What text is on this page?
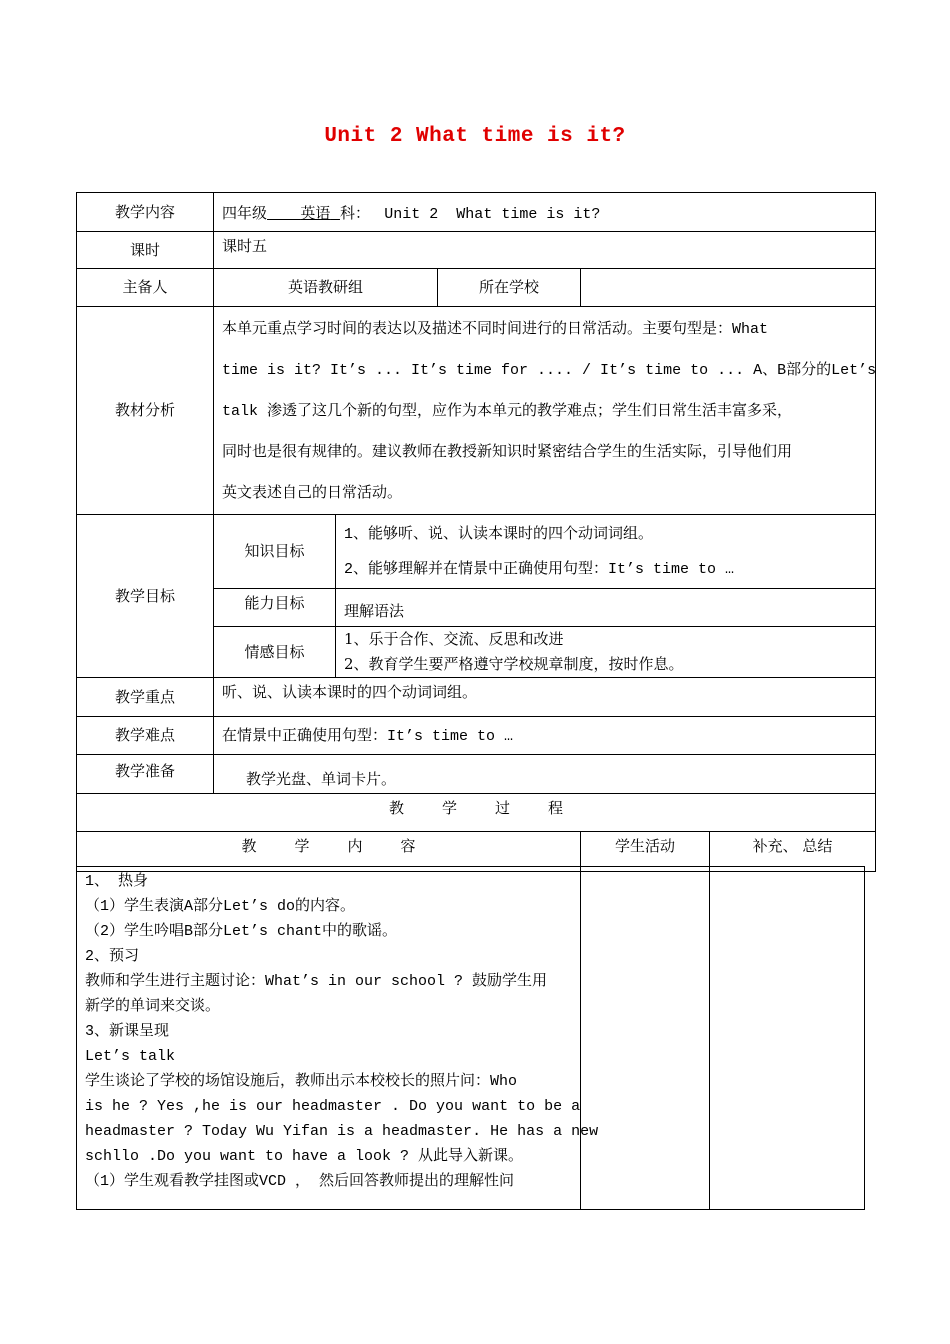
Unit 2 What time is it?
教学内容	四年级 英语 科： Unit 2  What time is it?
课时	课时五
主备人	英语教研组	所在学校	
教材分析	
本单元重点学习时间的表达以及描述不同时间进行的日常活动。主要句型是：What
time is it? It’s ... It’s time for .... / It’s time to ... A、B部分的Let’s
talk 渗透了这几个新的句型，应作为本单元的教学难点；学生们日常生活丰富多采，
同时也是很有规律的。建议教师在教授新知识时紧密结合学生的生活实际，引导他们用
英文表述自己的日常活动。

教学目标	知识目标	
1、能够听、说、认读本课时的四个动词词组。
2、能够理解并在情景中正确使用句型：It’s time to …

能力目标	理解语法
情感目标	
1、乐于合作、交流、反思和改进
2、教育学生要严格遵守学校规章制度，按时作息。

教学重点	听、说、认读本课时的四个动词词组。
教学难点	在情景中正确使用句型：It’s time to …
教学准备	教学光盘、单词卡片。
教学过程
教学内容		学生活动	补充、 总结
1、 热身
（1）学生表演A部分Let’s do的内容。
（2）学生吟唱B部分Let’s chant中的歌谣。
2、预习
教师和学生进行主题讨论：What’s in our school ? 鼓励学生用
新学的单词来交谈。
3、新课呈现
Let’s talk
学生谈论了学校的场馆设施后，教师出示本校校长的照片问：Who
is he ? Yes ,he is our headmaster . Do you want to be a
headmaster ? Today Wu Yifan is a headmaster. He has a new
schllo .Do you want to have a look ? 从此导入新课。
（1）学生观看教学挂图或VCD ， 然后回答教师提出的理解性问
